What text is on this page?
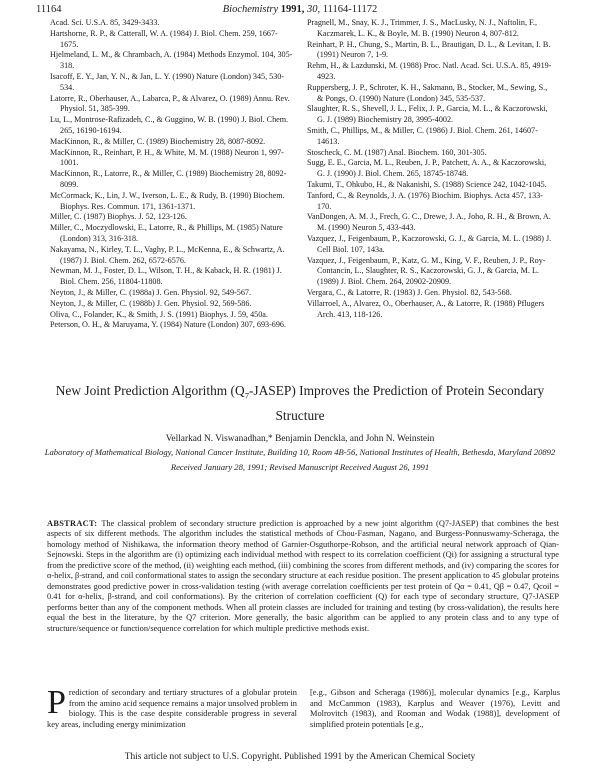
11164	Biochemistry 1991, 30, 11164-11172

Acad. Sci. U.S.A. 85, 3429-3433.

Hartshorne, R. P., & Catterall, W. A. (1984) J. Biol. Chem. 259, 1667-1675.

Hjelmeland, L. M., & Chrambach, A. (1984) Methods Enzymol. 104, 305-318.

Isacoff, E. Y., Jan, Y. N., & Jan, L. Y. (1990) Nature (London) 345, 530-534.

Latorre, R., Oberhauser, A., Labarca, P., & Alvarez, O. (1989) Annu. Rev. Physiol. 51, 385-399.

Lu, L., Montrose-Rafizadeh, C., & Guggino, W. B. (1990) J. Biol. Chem. 265, 16190-16194.

MacKinnon, R., & Miller, C. (1989) Biochemistry 28, 8087-8092.

MacKinnon, R., Reinhart, P. H., & White, M. M. (1988) Neuron 1, 997-1001.

MacKinnon, R., Latorre, R., & Miller, C. (1989) Biochemistry 28, 8092-8099.

McCormack, K., Lin, J. W., Iverson, L. E., & Rudy, B. (1990) Biochem. Biophys. Res. Commun. 171, 1361-1371.

Miller, C. (1987) Biophys. J. 52, 123-126.

Miller, C., Moczydlowski, E., Latorre, R., & Phillips, M. (1985) Nature (London) 313, 316-318.

Nakayama, N., Kirley, T. L., Vaghy, P. L., McKenna, E., & Schwartz, A. (1987) J. Biol. Chem. 262, 6572-6576.

Newman, M. J., Foster, D. L., Wilson, T. H., & Kaback, H. R. (1981) J. Biol. Chem. 256, 11804-11808.

Neyton, J., & Miller, C. (1988a) J. Gen. Physiol. 92, 549-567.

Neyton, J., & Miller, C. (1988b) J. Gen. Physiol. 92, 569-586.

Oliva, C., Folander, K., & Smith, J. S. (1991) Biophys. J. 59, 450a.

Peterson, O. H., & Maruyama, Y. (1984) Nature (London) 307, 693-696.

Pragnell, M., Snay, K. J., Trimmer, J. S., MacLusky, N. J., Naftolin, F., Kaczmarek, L. K., & Boyle, M. B. (1990) Neuron 4, 807-812.

Reinhart, P. H., Chung, S., Martin, B. L., Brautigan, D. L., & Levitan, I. B. (1991) Neuron 7, 1-9.

Rehm, H., & Lazdunski, M. (1988) Proc. Natl. Acad. Sci. U.S.A. 85, 4919-4923.

Ruppersberg, J. P., Schroter, K. H., Sakmann, B., Stocker, M., Sewing, S., & Pongs, O. (1990) Nature (London) 345, 535-537.

Slaughter, R. S., Shevell, J. L., Felix, J. P., Garcia, M. L., & Kaczorowski, G. J. (1989) Biochemistry 28, 3995-4002.

Smith, C., Phillips, M., & Miller, C. (1986) J. Biol. Chem. 261, 14607-14613.

Stoscheck, C. M. (1987) Anal. Biochem. 160, 301-305.

Sugg, E. E., Garcia, M. L., Reuben, J. P., Patchett, A. A., & Kaczorowski, G. J. (1990) J. Biol. Chem. 265, 18745-18748.

Takumi, T., Ohkubo, H., & Nakanishi, S. (1988) Science 242, 1042-1045.

Tanford, C., & Reynolds, J. A. (1976) Biochim. Biophys. Acta 457, 133-170.

VanDongen, A. M. J., Frech, G. C., Drewe, J. A., Joho, R. H., & Brown, A. M. (1990) Neuron 5, 433-443.

Vazquez, J., Feigenbaum, P., Kaczorowski, G. J., & Garcia, M. L. (1988) J. Cell Biol. 107, 143a.

Vazquez, J., Feigenbaum, P., Katz, G. M., King, V. F., Reuben, J. P., Roy-Contancin, L., Slaughter, R. S., Kaczorowski, G. J., & Garcia, M. L. (1989) J. Biol. Chem. 264, 20902-20909.

Vergara, C., & Latorre, R. (1983) J. Gen. Physiol. 82, 543-568.

Villarroel, A., Alvarez, O., Oberhauser, A., & Latorre, R. (1988) Pflugers Arch. 413, 118-126.

New Joint Prediction Algorithm $(Q_7-JASEP)$ Improves the Prediction of Protein Secondary Structure
Vellarkad N. Viswanadhan,* Benjamin Denckla, and John N. Weinstein
Laboratory of Mathematical Biology, National Cancer Institute, Building 10, Room 4B-56, National Institutes of Health, Bethesda, Maryland 20892
Received January 28, 1991; Revised Manuscript Received August 26, 1991
ABSTRACT: The classical problem of secondary structure prediction is approached by a new joint algorithm (Q7-JASEP) that combines the best aspects of six different methods. The algorithm includes the statistical methods of Chou-Fasman, Nagano, and Burgess-Ponnuswamy-Scheraga, the homology method of Nishikawa, the information theory method of Garnier-Osguthorpe-Robson, and the artificial neural network approach of Qian-Sejnowski. Steps in the algorithm are (i) optimizing each individual method with respect to its correlation coefficient (Qi) for assigning a structural type from the predictive score of the method, (ii) weighting each method, (iii) combining the scores from different methods, and (iv) comparing the scores for α-helix, β-strand, and coil conformational states to assign the secondary structure at each residue position. The present application to 45 globular proteins demonstrates good predictive power in cross-validation testing (with average correlation coefficients per test protein of Qα = 0.41, Qβ = 0.47, Qcoil = 0.41 for α-helix, β-strand, and coil conformations). By the criterion of correlation coefficient (Q) for each type of secondary structure, Q7-JASEP performs better than any of the component methods. When all protein classes are included for training and testing (by cross-validation), the results here equal the best in the literature, by the Q7 criterion. More generally, the basic algorithm can be applied to any protein class and to any type of structure/sequence or function/sequence correlation for which multiple predictive methods exist.
Prediction of secondary and tertiary structures of a globular protein from the amino acid sequence remains a major unsolved problem in biology. This is the case despite considerable progress in several key areas, including energy minimization
[e.g., Gibson and Scheraga (1986)], molecular dynamics [e.g., Karplus and McCammon (1983), Karplus and Weaver (1976), Levitt and Molrovitch (1983), and Rooman and Wodak (1988)], development of simplified protein potentials [e.g.,
This article not subject to U.S. Copyright. Published 1991 by the American Chemical Society
